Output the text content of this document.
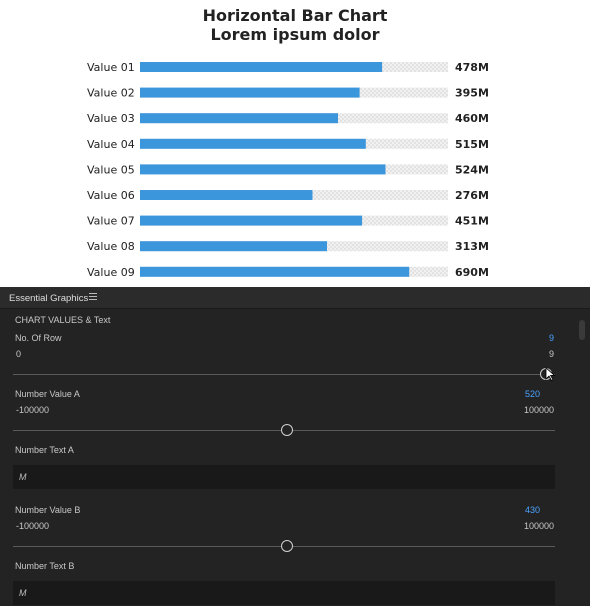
Horizontal Bar Chart
Lorem ipsum dolor
Value 01	478M
Value 02	395M
Value 03	460M
Value 04	515M
Value 05	524M
Value 06	276M
Value 07	451M
Value 08	313M
Value 09	690M
Essential Graphics
CHART VALUES & Text
No. Of Row	9
0	9
Number Value A	520
-100000	100000
Number Text A
M
Number Value B	430
-100000	100000
Number Text B
M
